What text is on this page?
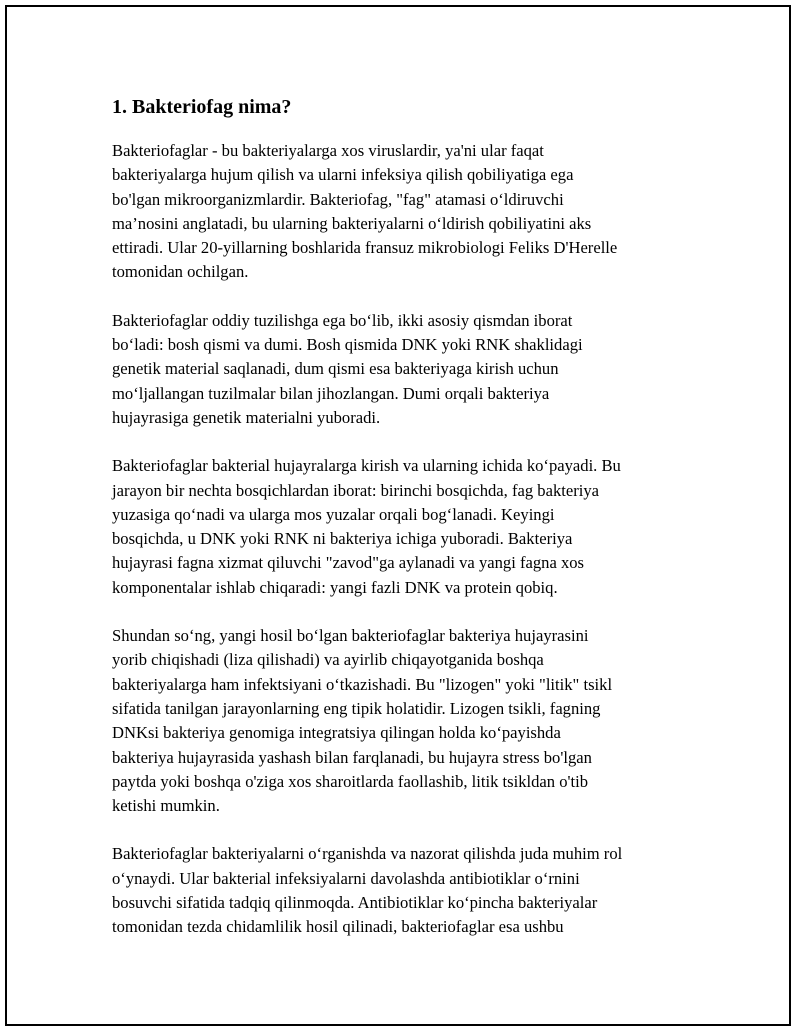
1. Bakteriofag nima?

Bakteriofaglar - bu bakteriyalarga xos viruslardir, ya'ni ular faqat
bakteriyalarga hujum qilish va ularni infeksiya qilish qobiliyatiga ega
bo'lgan mikroorganizmlardir. Bakteriofag, "fag" atamasi o‘ldiruvchi
ma’nosini anglatadi, bu ularning bakteriyalarni o‘ldirish qobiliyatini aks
ettiradi. Ular 20-yillarning boshlarida fransuz mikrobiologi Feliks D'Herelle
tomonidan ochilgan.

Bakteriofaglar oddiy tuzilishga ega bo‘lib, ikki asosiy qismdan iborat
bo‘ladi: bosh qismi va dumi. Bosh qismida DNK yoki RNK shaklidagi
genetik material saqlanadi, dum qismi esa bakteriyaga kirish uchun
mo‘ljallangan tuzilmalar bilan jihozlangan. Dumi orqali bakteriya
hujayrasiga genetik materialni yuboradi.

Bakteriofaglar bakterial hujayralarga kirish va ularning ichida ko‘payadi. Bu
jarayon bir nechta bosqichlardan iborat: birinchi bosqichda, fag bakteriya
yuzasiga qo‘nadi va ularga mos yuzalar orqali bog‘lanadi. Keyingi
bosqichda, u DNK yoki RNK ni bakteriya ichiga yuboradi. Bakteriya
hujayrasi fagna xizmat qiluvchi "zavod"ga aylanadi va yangi fagna xos
komponentalar ishlab chiqaradi: yangi fazli DNK va protein qobiq.

Shundan so‘ng, yangi hosil bo‘lgan bakteriofaglar bakteriya hujayrasini
yorib chiqishadi (liza qilishadi) va ayirlib chiqayotganida boshqa
bakteriyalarga ham infektsiyani o‘tkazishadi. Bu "lizogen" yoki "litik" tsikl
sifatida tanilgan jarayonlarning eng tipik holatidir. Lizogen tsikli, fagning
DNKsi bakteriya genomiga integratsiya qilingan holda ko‘payishda
bakteriya hujayrasida yashash bilan farqlanadi, bu hujayra stress bo'lgan
paytda yoki boshqa o'ziga xos sharoitlarda faollashib, litik tsikldan o'tib
ketishi mumkin.

Bakteriofaglar bakteriyalarni o‘rganishda va nazorat qilishda juda muhim rol
o‘ynaydi. Ular bakterial infeksiyalarni davolashda antibiotiklar o‘rnini
bosuvchi sifatida tadqiq qilinmoqda. Antibiotiklar ko‘pincha bakteriyalar
tomonidan tezda chidamlilik hosil qilinadi, bakteriofaglar esa ushbu
